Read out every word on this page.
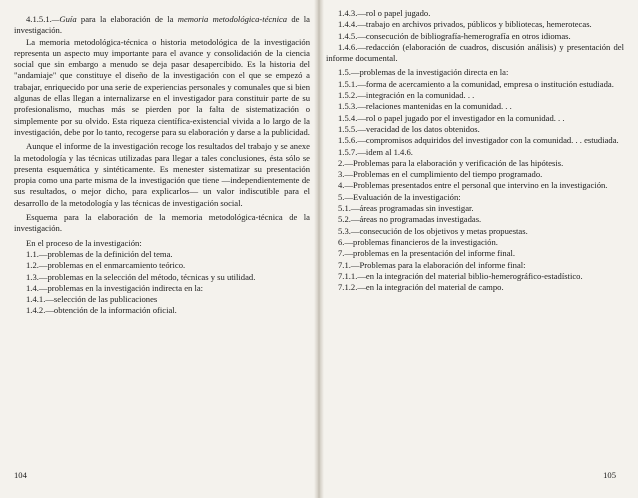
4.1.5.1.—Guía para la elaboración de la memoria metodológica-técnica de la investigación.

La memoria metodológica-técnica o historia metodológica de la investigación representa un aspecto muy importante para el avance y consolidación de la ciencia social que sin embargo a menudo se deja pasar desapercibido. Es la historia del "andamiaje" que constituye el diseño de la investigación con el que se empezó a trabajar, enriquecido por una serie de experiencias personales y comunales que si bien algunas de ellas llegan a internalizarse en el investigador para constituir parte de su profesionalismo, muchas más se pierden por la falta de sistematización o simplemente por su olvido. Esta riqueza científica-existencial vivida a lo largo de la investigación, debe por lo tanto, recogerse para su elaboración y darse a la publicidad.

Aunque el informe de la investigación recoge los resultados del trabajo y se anexe la metodología y las técnicas utilizadas para llegar a tales conclusiones, ésta sólo se presenta esquemática y sintéticamente. Es menester sistematizar su presentación propia como una parte misma de la investigación que tiene —independientemente de sus resultados, o mejor dicho, para explicarlos— un valor indiscutible para el desarrollo de la metodología y las técnicas de investigación social.

Esquema para la elaboración de la memoria metodológica-técnica de la investigación.

En el proceso de la investigación:

1.1.—problemas de la definición del tema.

1.2.—problemas en el enmarcamiento teórico.

1.3.—problemas en la selección del método, técnicas y su utilidad.

1.4.—problemas en la investigación indirecta en la:

1.4.1.—selección de las publicaciones

1.4.2.—obtención de la información oficial.

104

1.4.3.—rol o papel jugado.

1.4.4.—trabajo en archivos privados, públicos y bibliotecas, hemerotecas.

1.4.5.—consecución de bibliografía-hemerografía en otros idiomas.

1.4.6.—redacción (elaboración de cuadros, discusión análisis) y presentación del informe documental.

1.5.—problemas de la investigación directa en la:

1.5.1.—forma de acercamiento a la comunidad, empresa o institución estudiada.

1.5.2.—integración en la comunidad. . .

1.5.3.—relaciones mantenidas en la comunidad. . .

1.5.4.—rol o papel jugado por el investigador en la comunidad. . .

1.5.5.—veracidad de los datos obtenidos.

1.5.6.—compromisos adquiridos del investigador con la comunidad. . . estudiada.

1.5.7.—idem al 1.4.6.

2.—Problemas para la elaboración y verificación de las hipótesis.

3.—Problemas en el cumplimiento del tiempo programado.

4.—Problemas presentados entre el personal que intervino en la investigación.

5.—Evaluación de la investigación:

5.1.—áreas programadas sin investigar.

5.2.—áreas no programadas investigadas.

5.3.—consecución de los objetivos y metas propuestas.

6.—problemas financieros de la investigación.

7.—problemas en la presentación del informe final.

7.1.—Problemas para la elaboración del informe final:

7.1.1.—en la integración del material biblio-hemerográfico-estadístico.

7.1.2.—en la integración del material de campo.

105
